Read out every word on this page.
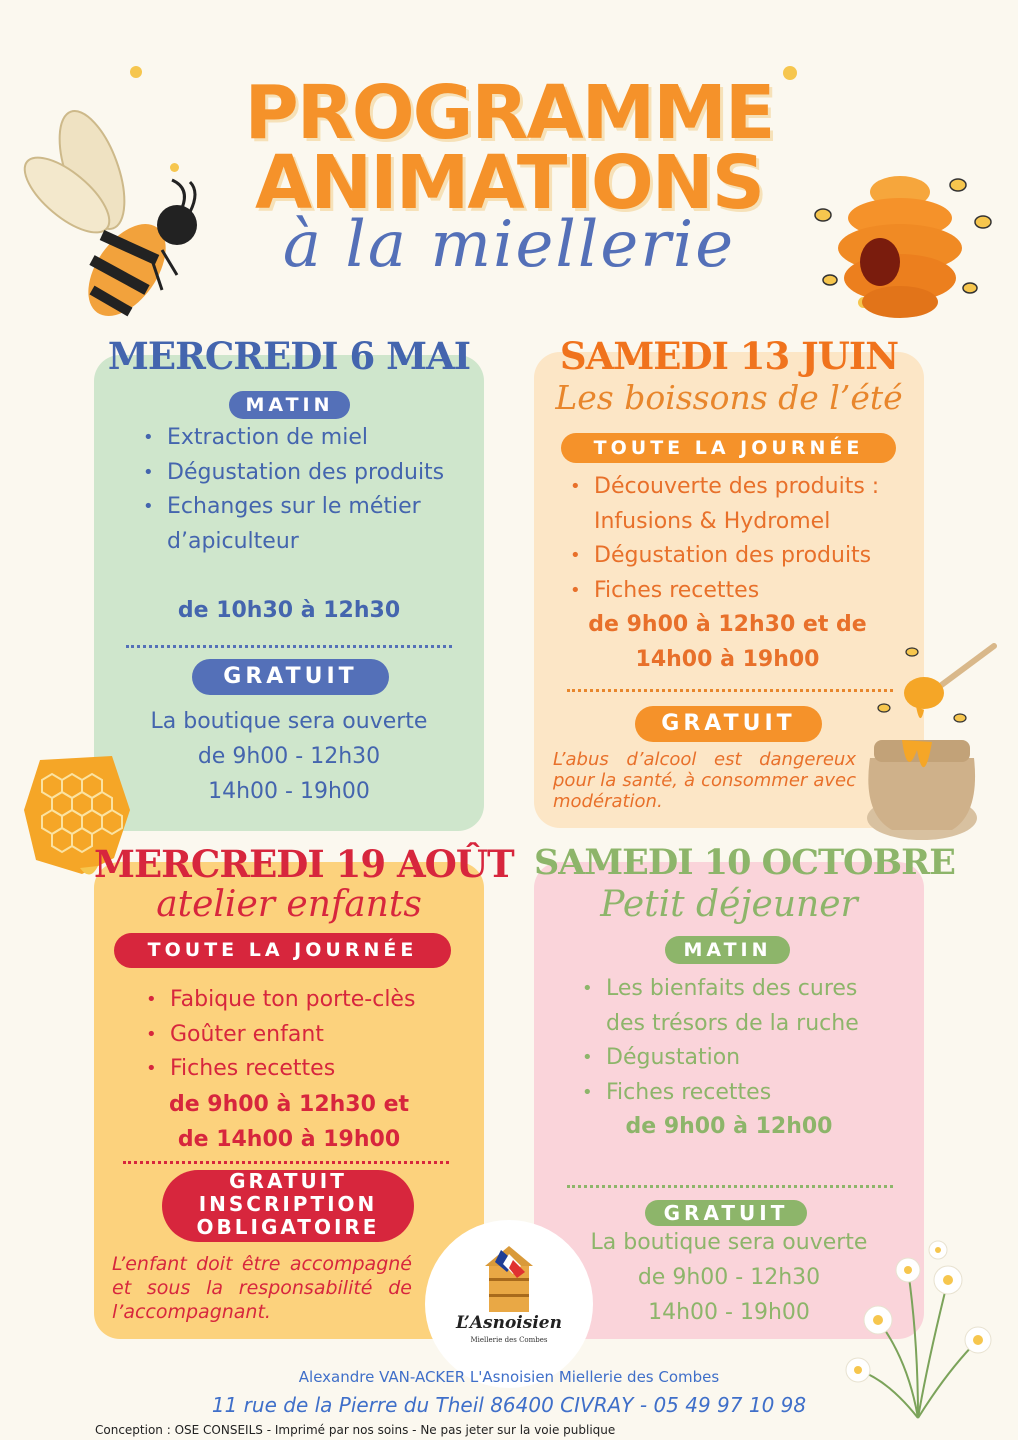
PROGRAMME
ANIMATIONS
à la miellerie
MERCREDI 6 MAI
MATIN
• Extraction de miel
• Dégustation des produits
• Echanges sur le métier d’apiculteur
de 10h30 à 12h30
GRATUIT
La boutique sera ouverte
de 9h00 - 12h30
14h00 - 19h00
SAMEDI 13 JUIN
Les boissons de l’été
TOUTE LA JOURNÉE
• Découverte des produits : Infusions & Hydromel
• Dégustation des produits
• Fiches recettes
de 9h00 à 12h30 et de 14h00 à 19h00
GRATUIT
L’abus d’alcool est dangereux pour la santé, à consommer avec modération.
MERCREDI 19 AOÛT
atelier enfants
TOUTE LA JOURNÉE
• Fabique ton porte-clès
• Goûter enfant
• Fiches recettes
de 9h00 à 12h30 et de 14h00 à 19h00
GRATUIT
INSCRIPTION
OBLIGATOIRE
L’enfant doit être accompagné et sous la responsabilité de l’accompagnant.
SAMEDI 10 OCTOBRE
Petit déjeuner
MATIN
• Les bienfaits des cures des trésors de la ruche
• Dégustation
• Fiches recettes
de 9h00 à 12h00
GRATUIT
La boutique sera ouverte
de 9h00 - 12h30
14h00 - 19h00
L’Asnoisien
Miellerie des Combes
Alexandre VAN-ACKER L'Asnoisien Miellerie des Combes
11 rue de la Pierre du Theil 86400 CIVRAY - 05 49 97 10 98
Conception : OSE CONSEILS - Imprimé par nos soins - Ne pas jeter sur la voie publique
